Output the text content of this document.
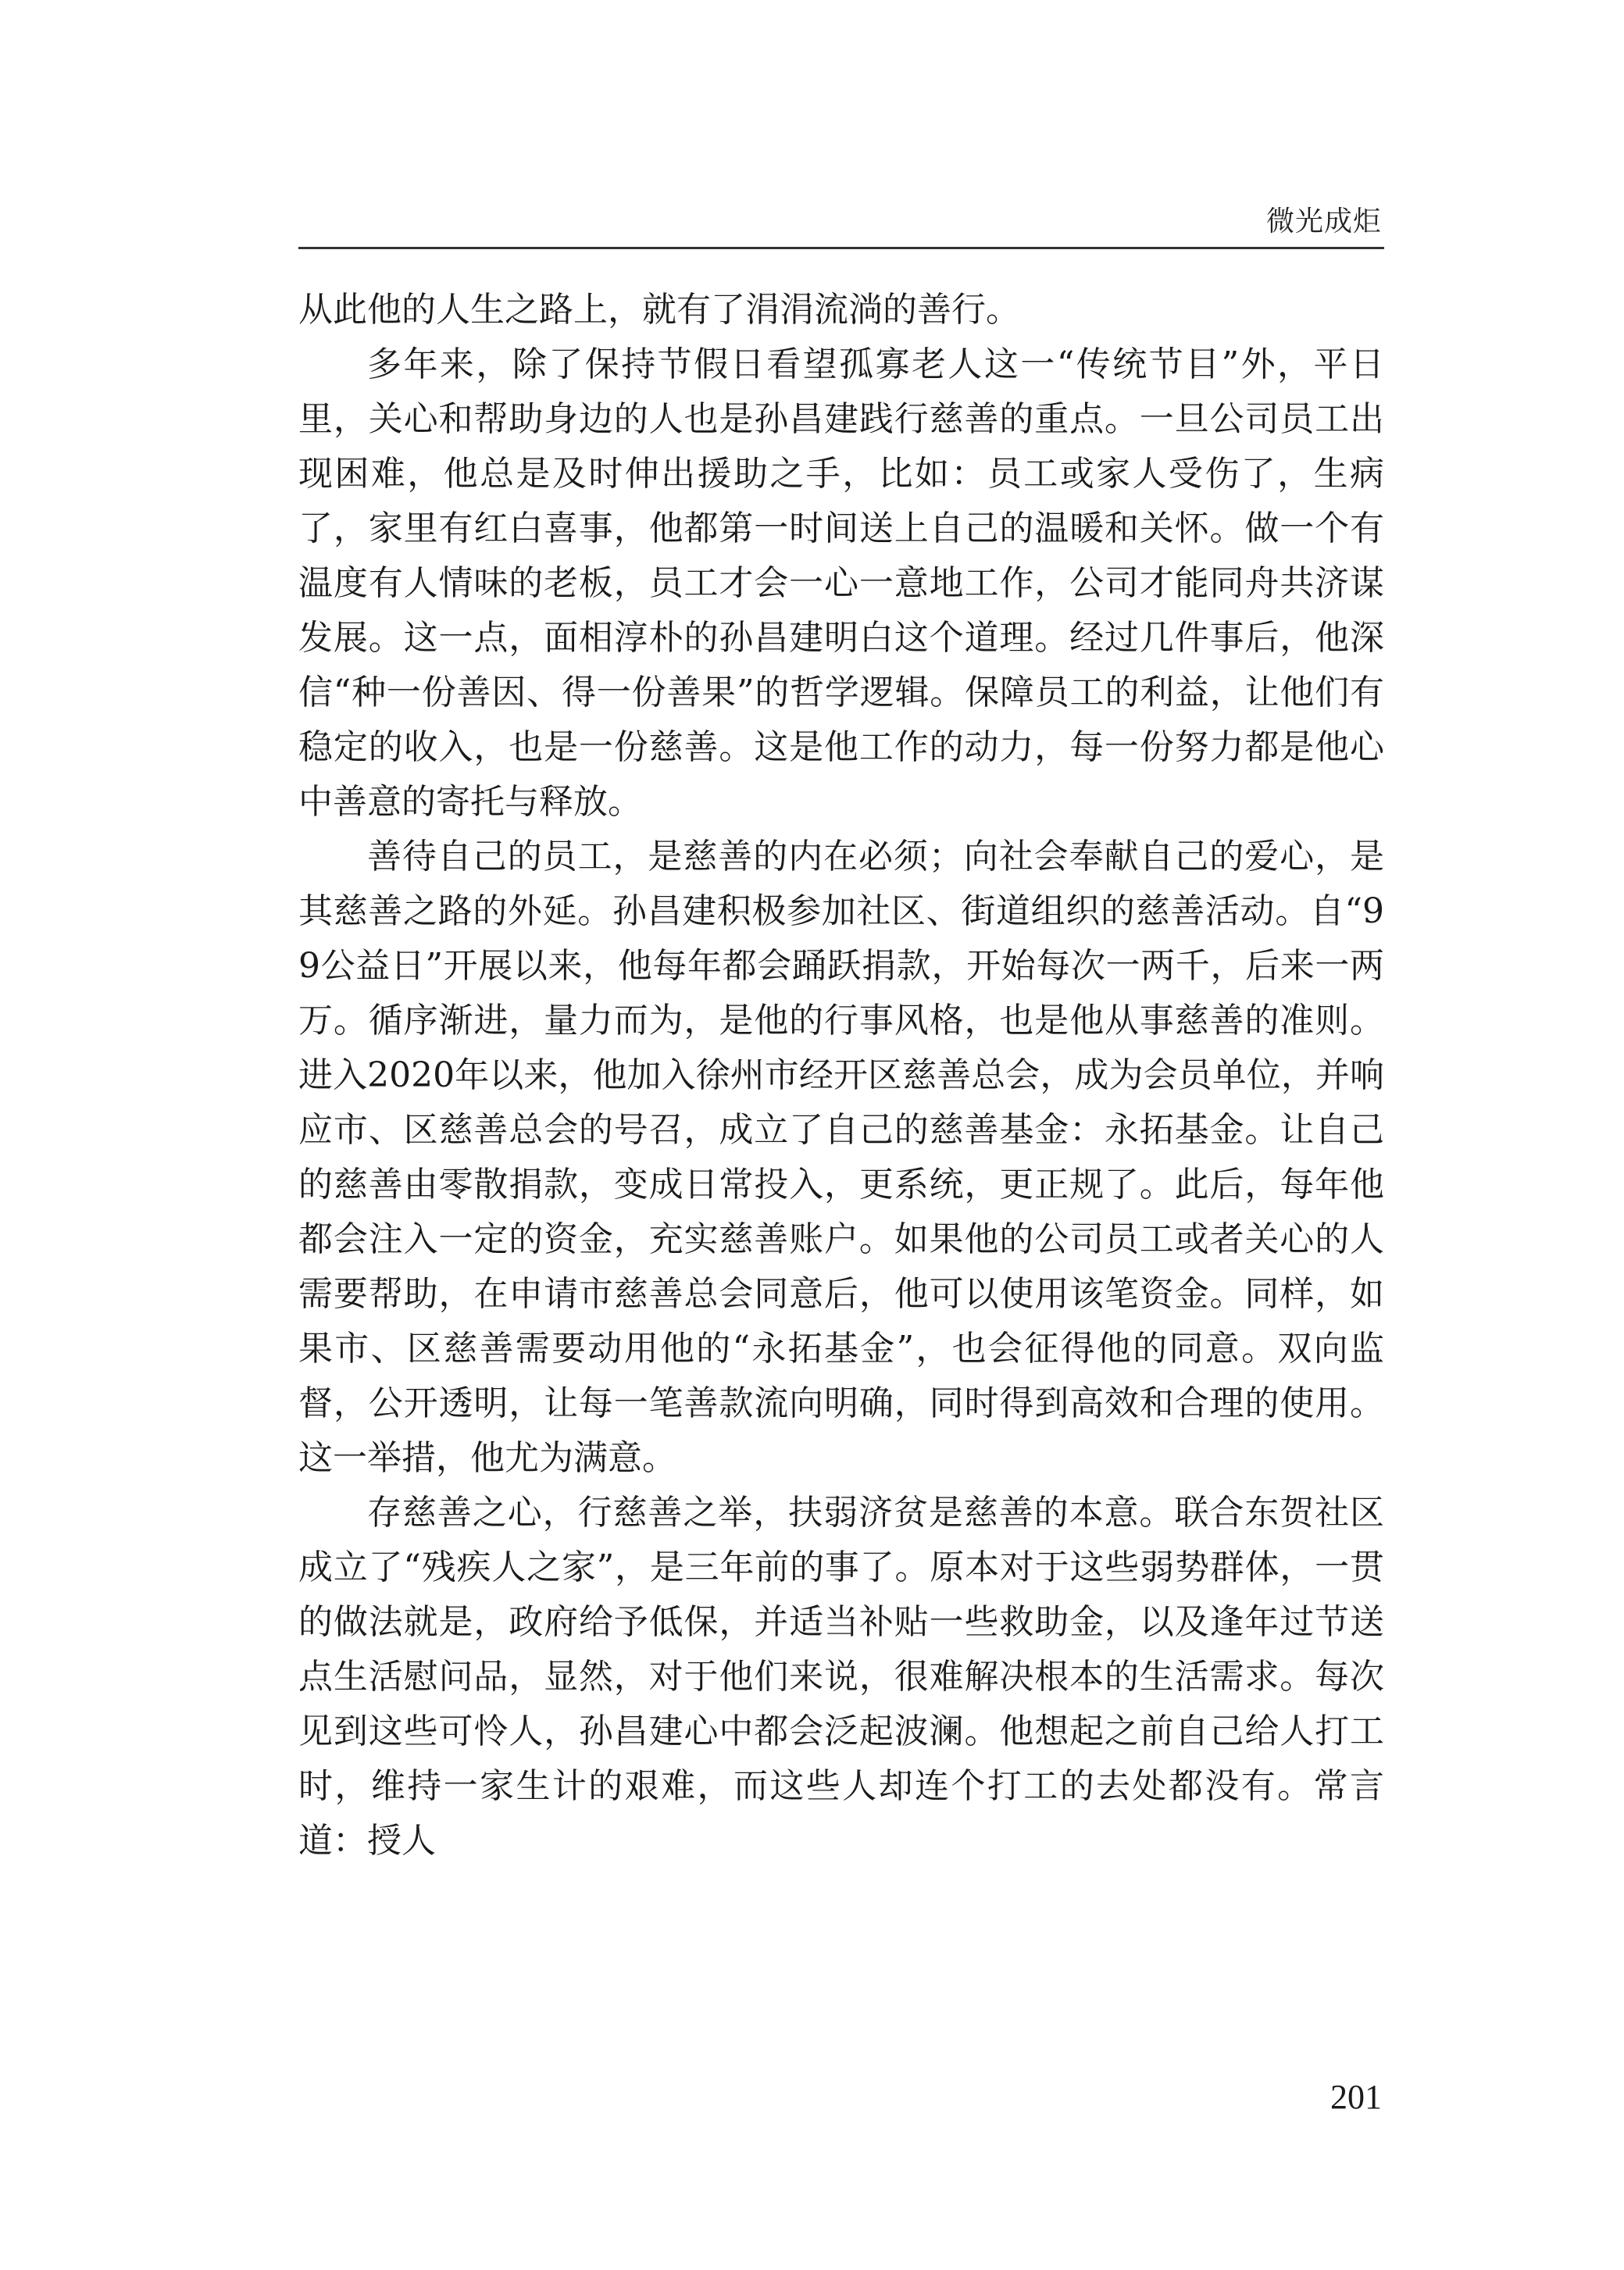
微光成炬

从此他的人生之路上，就有了涓涓流淌的善行。

多年来，除了保持节假日看望孤寡老人这一“传统节目”外，平日里，关心和帮助身边的人也是孙昌建践行慈善的重点。一旦公司员工出现困难，他总是及时伸出援助之手，比如：员工或家人受伤了，生病了，家里有红白喜事，他都第一时间送上自己的温暖和关怀。做一个有温度有人情味的老板，员工才会一心一意地工作，公司才能同舟共济谋发展。这一点，面相淳朴的孙昌建明白这个道理。经过几件事后，他深信“种一份善因、得一份善果”的哲学逻辑。保障员工的利益，让他们有稳定的收入，也是一份慈善。这是他工作的动力，每一份努力都是他心中善意的寄托与释放。

善待自己的员工，是慈善的内在必须；向社会奉献自己的爱心，是其慈善之路的外延。孙昌建积极参加社区、街道组织的慈善活动。自“99公益日”开展以来，他每年都会踊跃捐款，开始每次一两千，后来一两万。循序渐进，量力而为，是他的行事风格，也是他从事慈善的准则。进入2020年以来，他加入徐州市经开区慈善总会，成为会员单位，并响应市、区慈善总会的号召，成立了自己的慈善基金：永拓基金。让自己的慈善由零散捐款，变成日常投入，更系统，更正规了。此后，每年他都会注入一定的资金，充实慈善账户。如果他的公司员工或者关心的人需要帮助，在申请市慈善总会同意后，他可以使用该笔资金。同样，如果市、区慈善需要动用他的“永拓基金”，也会征得他的同意。双向监督，公开透明，让每一笔善款流向明确，同时得到高效和合理的使用。这一举措，他尤为满意。

存慈善之心，行慈善之举，扶弱济贫是慈善的本意。联合东贺社区成立了“残疾人之家”，是三年前的事了。原本对于这些弱势群体，一贯的做法就是，政府给予低保，并适当补贴一些救助金，以及逢年过节送点生活慰问品，显然，对于他们来说，很难解决根本的生活需求。每次见到这些可怜人，孙昌建心中都会泛起波澜。他想起之前自己给人打工时，维持一家生计的艰难，而这些人却连个打工的去处都没有。常言道：授人

201
